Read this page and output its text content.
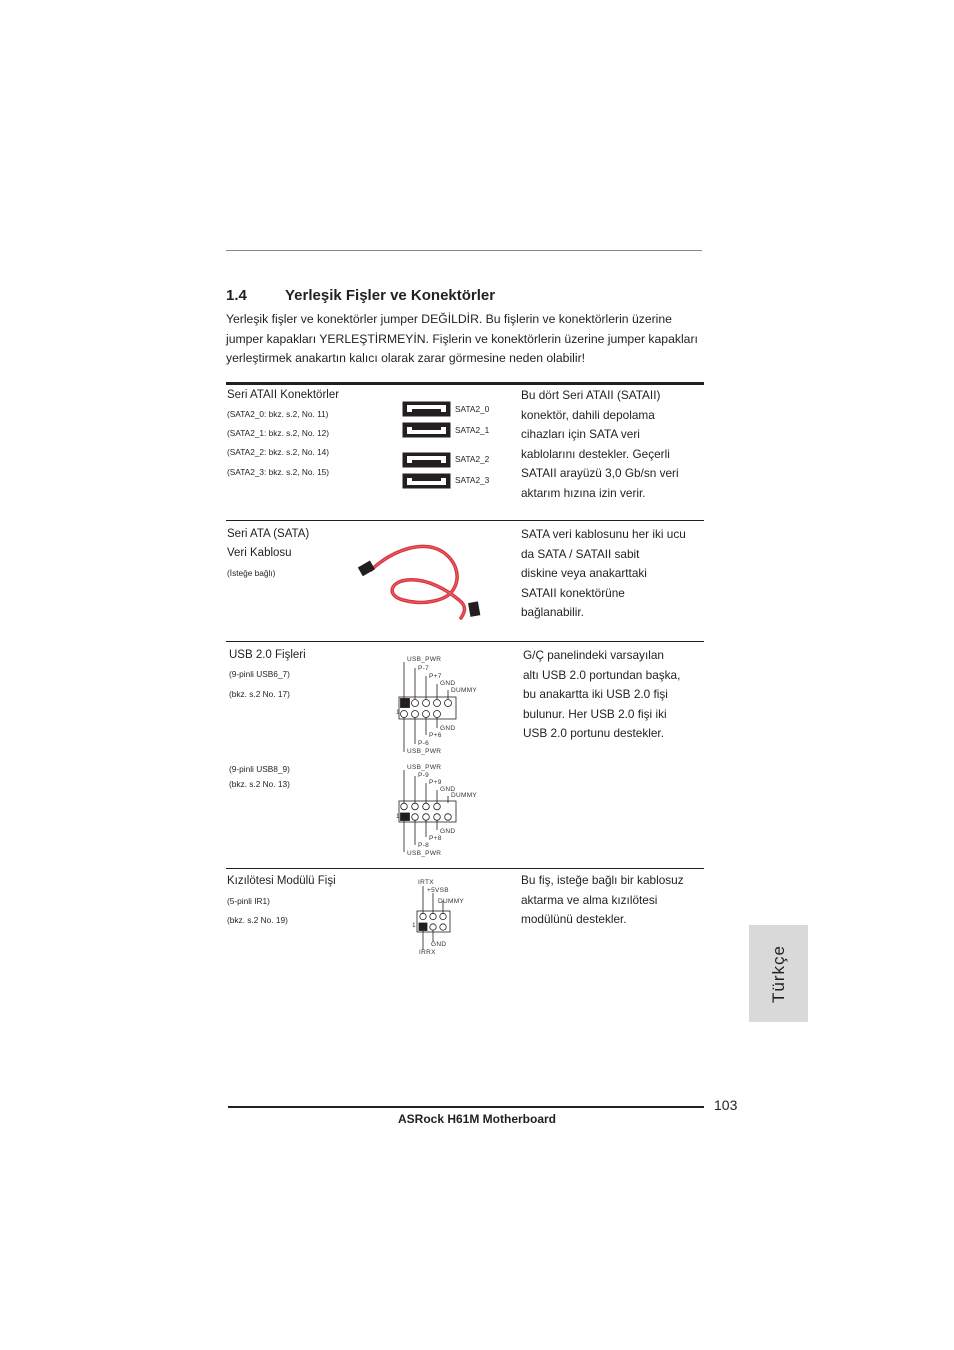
1.4	Yerleşik Fişler ve Konektörler
Yerleşik fişler ve konektörler jumper DEĞİLDİR. Bu fişlerin ve konektörlerin üzerine jumper kapakları YERLEŞTİRMEYİN. Fişlerin ve konektörlerin üzerine jumper kapakları yerleştirmek anakartın kalıcı olarak zarar görmesine neden olabilir!
Seri ATAII Konektörler
(SATA2_0: bkz. s.2, No. 11)
(SATA2_1: bkz. s.2, No. 12)
(SATA2_2: bkz. s.2, No. 14)
(SATA2_3: bkz. s.2, No. 15)
SATA2_0
SATA2_1
SATA2_2
SATA2_3
Bu dört Seri ATAII (SATAII)
konektör, dahili depolama
cihazları için SATA veri
kablolarını destekler. Geçerli
SATAII arayüzü 3,0 Gb/sn veri
aktarım hızına izin verir.
Seri ATA (SATA)
Veri Kablosu
(İsteğe bağlı)
SATA veri kablosunu her iki ucu
da SATA / SATAII sabit
diskine veya anakarttaki
SATAII konektörüne
bağlanabilir.
USB 2.0 Fişleri
(9-pinli USB6_7)
(bkz. s.2 No. 17)
USB_PWR
P-7
P+7
GND
DUMMY
1
GND
P+6
P-6
USB_PWR
G/Ç panelindeki varsayılan
altı USB 2.0 portundan başka,
bu anakartta iki USB 2.0 fişi
bulunur. Her USB 2.0 fişi iki
USB 2.0 portunu destekler.
(9-pinli USB8_9)
(bkz. s.2 No. 13)
USB_PWR
P-9
P+9
GND
DUMMY
1
GND
P+8
P-8
USB_PWR
Kızılötesi Modülü Fişi
(5-pinli IR1)
(bkz. s.2 No. 19)
IRTX
+5VSB
DUMMY
1
GND
IRRX
Bu fiş, isteğe bağlı bir kablosuz
aktarma ve alma kızılötesi
modülünü destekler.
Türkçe
103
ASRock H61M Motherboard
